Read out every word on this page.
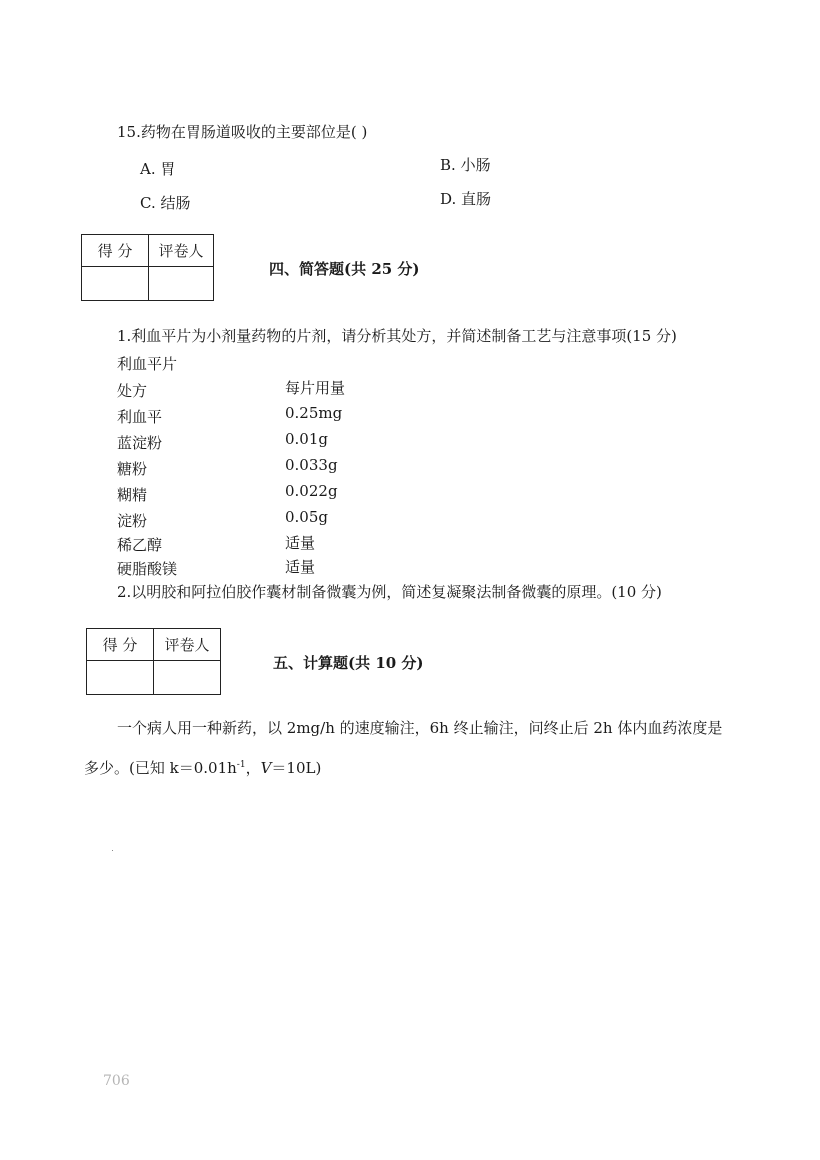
15.药物在胃肠道吸收的主要部位是( )
A. 胃	B. 小肠
C. 结肠	D. 直肠
得 分	评卷人

四、简答题(共 25 分)
1.利血平片为小剂量药物的片剂，请分析其处方，并简述制备工艺与注意事项(15 分)
利血平片
处方	每片用量
利血平	0.25mg
蓝淀粉	0.01g
糖粉	0.033g
糊精	0.022g
淀粉	0.05g
稀乙醇	适量
硬脂酸镁	适量
2.以明胶和阿拉伯胶作囊材制备微囊为例，简述复凝聚法制备微囊的原理。(10 分)
得 分	评卷人

五、计算题(共 10 分)
一个病人用一种新药，以 2mg/h 的速度输注，6h 终止输注，问终止后 2h 体内血药浓度是
多少。(已知 $k=0.01h^{-1}$，V＝10L)
706
